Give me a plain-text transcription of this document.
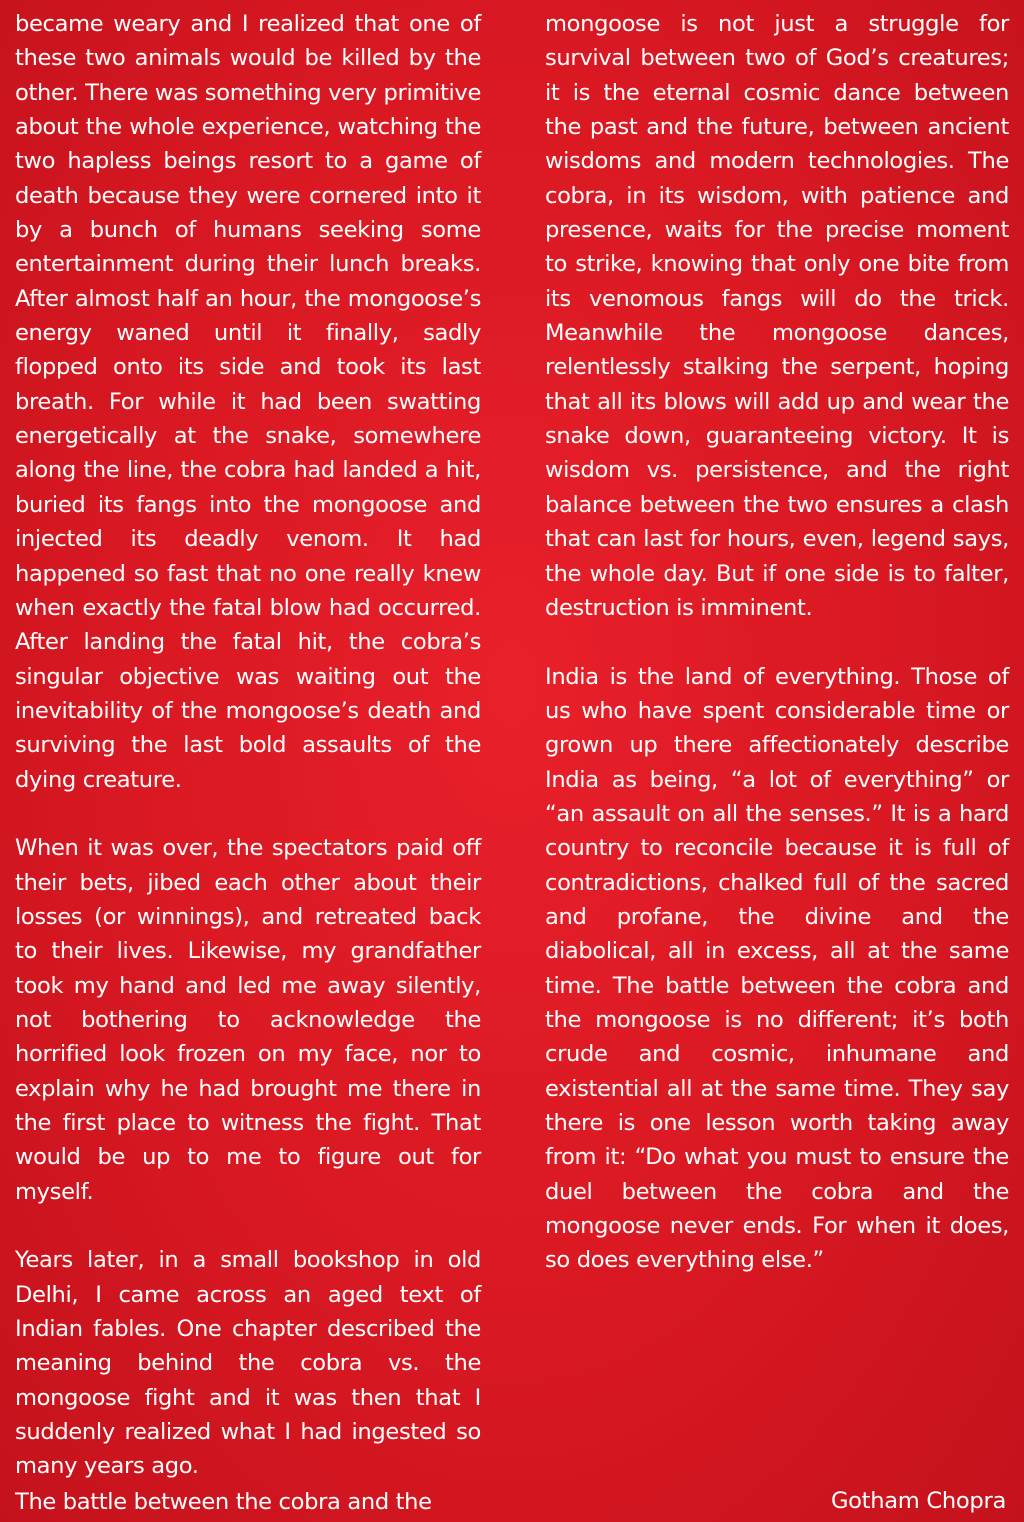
became weary and I realized that one of these two animals would be killed by the other. There was something very primitive about the whole experience, watching the two hapless beings resort to a game of death because they were cornered into it by a bunch of humans seeking some entertainment during their lunch breaks. After almost half an hour, the mongoose’s energy waned until it finally, sadly flopped onto its side and took its last breath. For while it had been swatting energetically at the snake, somewhere along the line, the cobra had landed a hit, buried its fangs into the mongoose and injected its deadly venom. It had happened so fast that no one really knew when exactly the fatal blow had occurred. After landing the fatal hit, the cobra’s singular objective was waiting out the inevitability of the mongoose’s death and surviving the last bold assaults of the dying creature.

When it was over, the spectators paid off their bets, jibed each other about their losses (or winnings), and retreated back to their lives. Likewise, my grandfather took my hand and led me away silently, not bothering to acknowledge the horrified look frozen on my face, nor to explain why he had brought me there in the first place to witness the fight. That would be up to me to figure out for myself.

Years later, in a small bookshop in old Delhi, I came across an aged text of Indian fables. One chapter described the meaning behind the cobra vs. the mongoose fight and it was then that I suddenly realized what I had ingested so many years ago.

The battle between the cobra and the

mongoose is not just a struggle for survival between two of God’s creatures; it is the eternal cosmic dance between the past and the future, between ancient wisdoms and modern technologies. The cobra, in its wisdom, with patience and presence, waits for the precise moment to strike, knowing that only one bite from its venomous fangs will do the trick. Meanwhile the mongoose dances, relentlessly stalking the serpent, hoping that all its blows will add up and wear the snake down, guaranteeing victory. It is wisdom vs. persistence, and the right balance between the two ensures a clash that can last for hours, even, legend says, the whole day. But if one side is to falter, destruction is imminent.

India is the land of everything. Those of us who have spent considerable time or grown up there affectionately describe India as being, “a lot of everything” or “an assault on all the senses.” It is a hard country to reconcile because it is full of contradictions, chalked full of the sacred and profane, the divine and the diabolical, all in excess, all at the same time. The battle between the cobra and the mongoose is no different; it’s both crude and cosmic, inhumane and existential all at the same time. They say there is one lesson worth taking away from it: “Do what you must to ensure the duel between the cobra and the mongoose never ends. For when it does, so does everything else.”

Gotham Chopra
